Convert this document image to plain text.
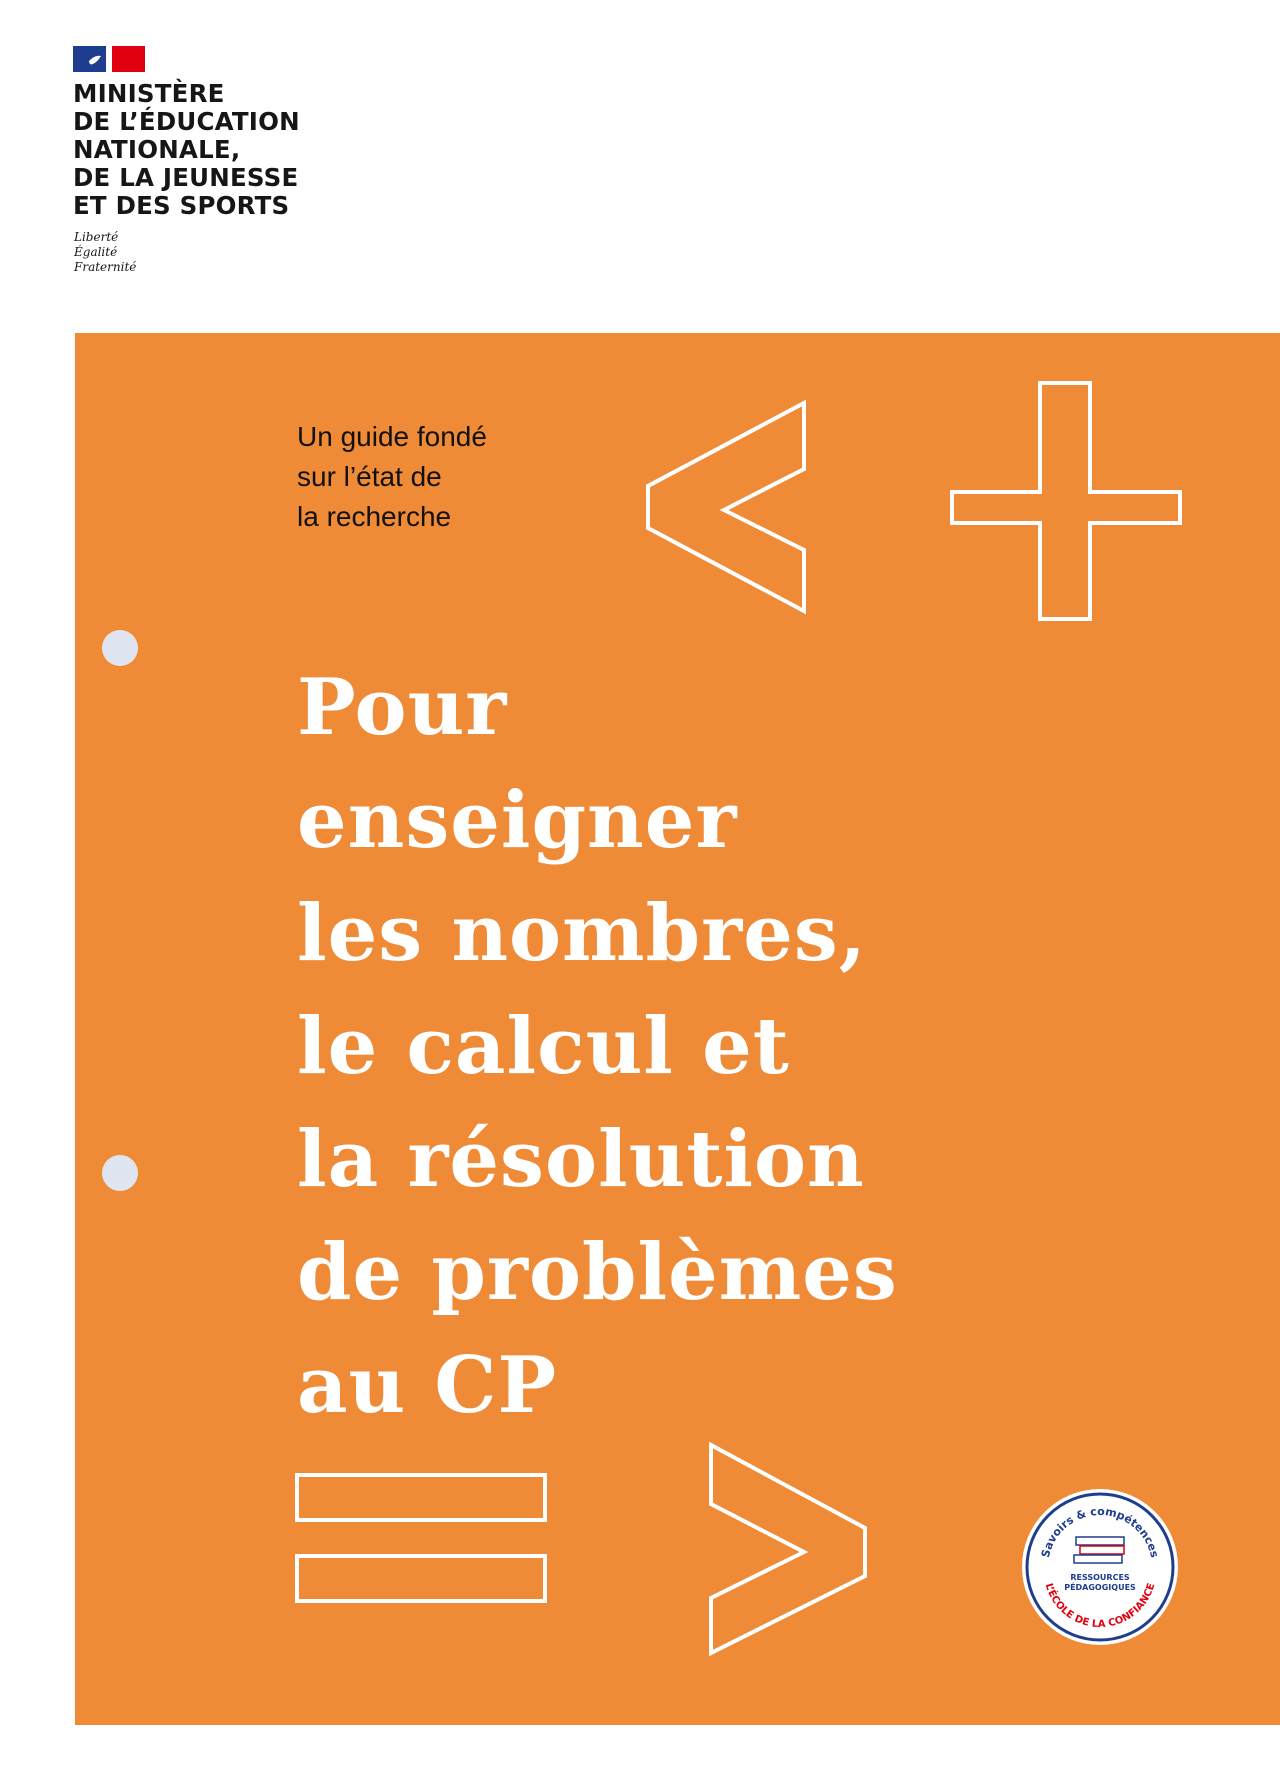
MINISTÈRE
DE L’ÉDUCATION
NATIONALE,
DE LA JEUNESSE
ET DES SPORTS
Liberté
Égalité
Fraternité
Un guide fondé
sur l’état de
la recherche
Pour
enseigner
les nombres,
le calcul et
la résolution
de problèmes
au CP
Savoirs & compétences
RESSOURCES
PÉDAGOGIQUES
L’ÉCOLE DE LA CONFIANCE
